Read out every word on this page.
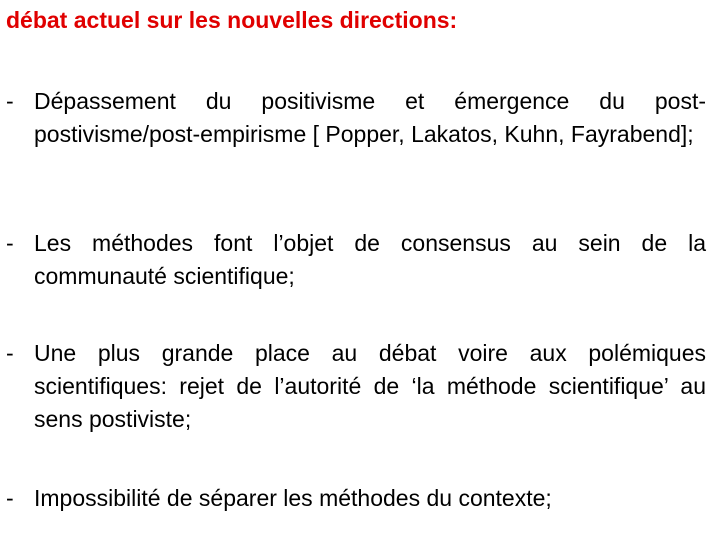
débat actuel sur les nouvelles directions:
- Dépassement du positivisme et émergence du post-postivisme/post-empirisme [ Popper, Lakatos, Kuhn, Fayrabend];
- Les méthodes font l’objet de consensus au sein de la communauté scientifique;
- Une plus grande place au débat voire aux polémiques scientifiques: rejet de l’autorité de ‘la méthode scientifique’ au sens postiviste;
- Impossibilité de séparer les méthodes du contexte;
